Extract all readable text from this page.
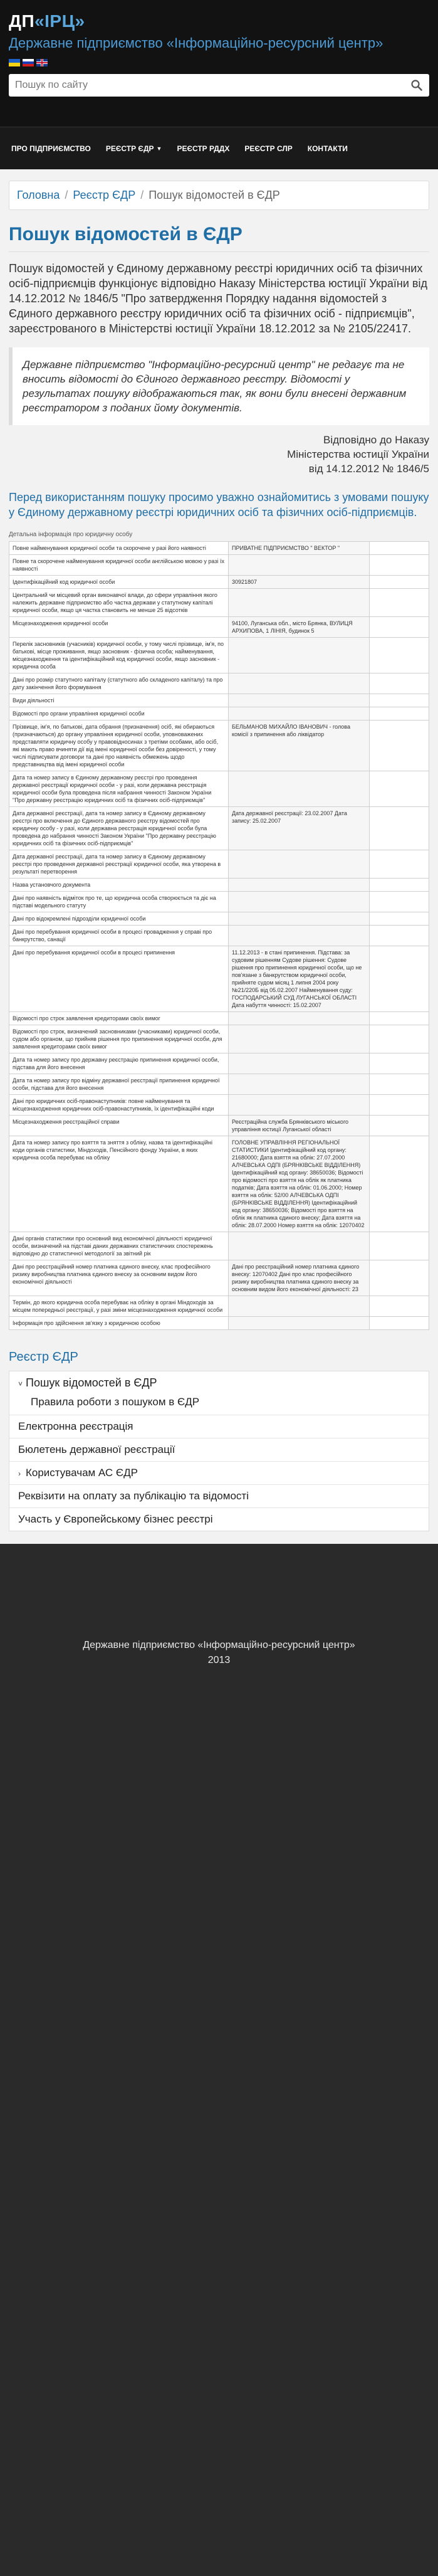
ДП«ІРЦ»
Державне підприємство «Інформаційно-ресурсний центр»
Пошук по сайту
ПРО ПІДПРИЄМСТВО РЕЄСТР ЄДР ▼ РЕЄСТР РДДХ РЕЄСТР СЛР КОНТАКТИ
Головна / Реєстр ЄДР / Пошук відомостей в ЄДР
Пошук відомостей в ЄДР

Пошук відомостей у Єдиному державному реєстрі юридичних осіб та фізичних осіб-підприємців функціонує відповідно Наказу Міністерства юстиції України від 14.12.2012 № 1846/5 "Про затвердження Порядку надання відомостей з Єдиного державного реєстру юридичних осіб та фізичних осіб - підприємців", зареєстрованого в Міністерстві юстиції України 18.12.2012 за № 2105/22417.

Державне підприємство "Інформаційно-ресурсний центр" не редагує та не вносить відомості до Єдиного державного реєстру. Відомості у результатах пошуку відображаються так, як вони були внесені державним реєстратором з поданих йому документів.
Відповідно до Наказу
Міністерства юстиції України
від 14.12.2012 № 1846/5

Перед використанням пошуку просимо уважно ознайомитись з умовами пошуку у Єдиному державному реєстрі юридичних осіб та фізичних осіб-підприємців.

Детальна інформація про юридичну особу
Повне найменування юридичної особи та скорочене у разі його наявності	ПРИВАТНЕ ПІДПРИЄМСТВО " ВЕКТОР "	
Повне та скорочене найменування юридичної особи англійською мовою у разі їх наявності		
Ідентифікаційний код юридичної особи	30921807	
Центральний чи місцевий орган виконавчої влади, до сфери управління якого належить державне підприємство або частка держави у статутному капіталі юридичної особи, якщо ця частка становить не менше 25 відсотків		
Місцезнаходження юридичної особи	94100, Луганська обл., місто Брянка, ВУЛИЦЯ АРХИПОВА, 1 ЛІНІЯ, будинок 5	
Перелік засновників (учасників) юридичної особи, у тому числі прізвище, ім'я, по батькові, місце проживання, якщо засновник - фізична особа; найменування, місцезнаходження та ідентифікаційний код юридичної особи, якщо засновник - юридична особа		
Дані про розмір статутного капіталу (статутного або складеного капіталу) та про дату закінчення його формування		
Види діяльності		
Відомості про органи управління юридичної особи		
Прізвище, ім'я, по батькові, дата обрання (призначення) осіб, які обираються (призначаються) до органу управління юридичної особи, уповноважених представляти юридичну особу у правовідносинах з третіми особами, або осіб, які мають право вчиняти дії від імені юридичної особи без довіреності, у тому числі підписувати договори та дані про наявність обмежень щодо представництва від імені юридичної особи	БЕЛЬМАНОВ МИХАЙЛО ІВАНОВИЧ - голова комісії з припинення або ліквідатор	
Дата та номер запису в Єдиному державному реєстрі про проведення державної реєстрації юридичної особи - у разі, коли державна реєстрація юридичної особи була проведена після набрання чинності Законом України "Про державну реєстрацію юридичних осіб та фізичних осіб-підприємців"		
Дата державної реєстрації, дата та номер запису в Єдиному державному реєстрі про включення до Єдиного державного реєстру відомостей про юридичну особу - у разі, коли державна реєстрація юридичної особи була проведена до набрання чинності Законом України "Про державну реєстрацію юридичних осіб та фізичних осіб-підприємців"	Дата державної реєстрації: 23.02.2007 Дата запису: 25.02.2007	
Дата державної реєстрації, дата та номер запису в Єдиному державному реєстрі про проведення державної реєстрації юридичної особи, яка утворена в результаті перетворення		
Назва установчого документа		
Дані про наявність відміток про те, що юридична особа створюється та діє на підставі модельного статуту		
Дані про відокремлені підрозділи юридичної особи		
Дані про перебування юридичної особи в процесі провадження у справі про банкрутство, санації		
Дані про перебування юридичної особи в процесі припинення	11.12.2013 - в стані припинення. Підстава: за судовим рішенням Судове рішення: Судове рішення про припинення юридичної особи, що не пов'язане з банкрутством юридичної особи, прийняте судом місяц 1 липня 2004 року №21/220Б від 05.02.2007 Найменування суду: ГОСПОДАРСЬКИЙ СУД ЛУГАНСЬКОЇ ОБЛАСТІ Дата набуття чинності: 15.02.2007	
Відомості про строк заявлення кредиторами своїх вимог		
Відомості про строк, визначений засновниками (учасниками) юридичної особи, судом або органом, що прийняв рішення про припинення юридичної особи, для заявлення кредиторами своїх вимог		
Дата та номер запису про державну реєстрацію припинення юридичної особи, підстава для його внесення		
Дата та номер запису про відміну державної реєстрації припинення юридичної особи, підстава для його внесення		
Дані про юридичних осіб-правонаступників: повне найменування та місцезнаходження юридичних осіб-правонаступників, їх ідентифікаційні коди		
Місцезнаходження реєстраційної справи	Реєстраційна служба Брянківського міського управління юстиції Луганської області	
Дата та номер запису про взяття та зняття з обліку, назва та ідентифікаційні коди органів статистики, Міндоходів, Пенсійного фонду України, в яких юридична особа перебуває на обліку	ГОЛОВНЕ УПРАВЛІННЯ РЕГІОНАЛЬНОЇ СТАТИСТИКИ Ідентифікаційний код органу: 21680000; Дата взяття на облік: 27.07.2000 АЛЧЕВСЬКА ОДПІ (БРЯНКІВСЬКЕ ВІДДІЛЕННЯ) Ідентифікаційний код органу: 38650036; Відомості про відомості про взяття на облік як платника податків; Дата взяття на облік: 01.06.2000; Номер взяття на облік: 52/00 АЛЧЕВСЬКА ОДПІ (БРЯНКІВСЬКЕ ВІДДІЛЕННЯ) Ідентифікаційний код органу: 38650036; Відомості про взяття на облік як платника єдиного внеску; Дата взяття на облік: 28.07.2000 Номер взяття на облік: 12070402	
Дані органів статистики про основний вид економічної діяльності юридичної особи, визначений на підставі даних державних статистичних спостережень відповідно до статистичної методології за звітний рік		
Дані про реєстраційний номер платника єдиного внеску, клас професійного ризику виробництва платника єдиного внеску за основним видом його економічної діяльності	Дані про реєстраційний номер платника єдиного внеску: 12070402 Дані про клас професійного ризику виробництва платника єдиного внеску за основним видом його економічної діяльності: 23	
Термін, до якого юридична особа перебуває на обліку в органі Міндоходів за місцем попередньої реєстрації, у разі зміни місцезнаходження юридичної особи		
Інформація про здійснення зв'язку з юридичною особою		
Реєстр ЄДР
˅ Пошук відомостей в ЄДР
Правила роботи з пошуком в ЄДР
Електронна реєстрація
Бюлетень державної реєстрації
› Користувачам АС ЄДР
Реквізити на оплату за публікацію та відомості
Участь у Європейському бізнес реєстрі
Державне підприємство «Інформаційно-ресурсний центр»
2013
